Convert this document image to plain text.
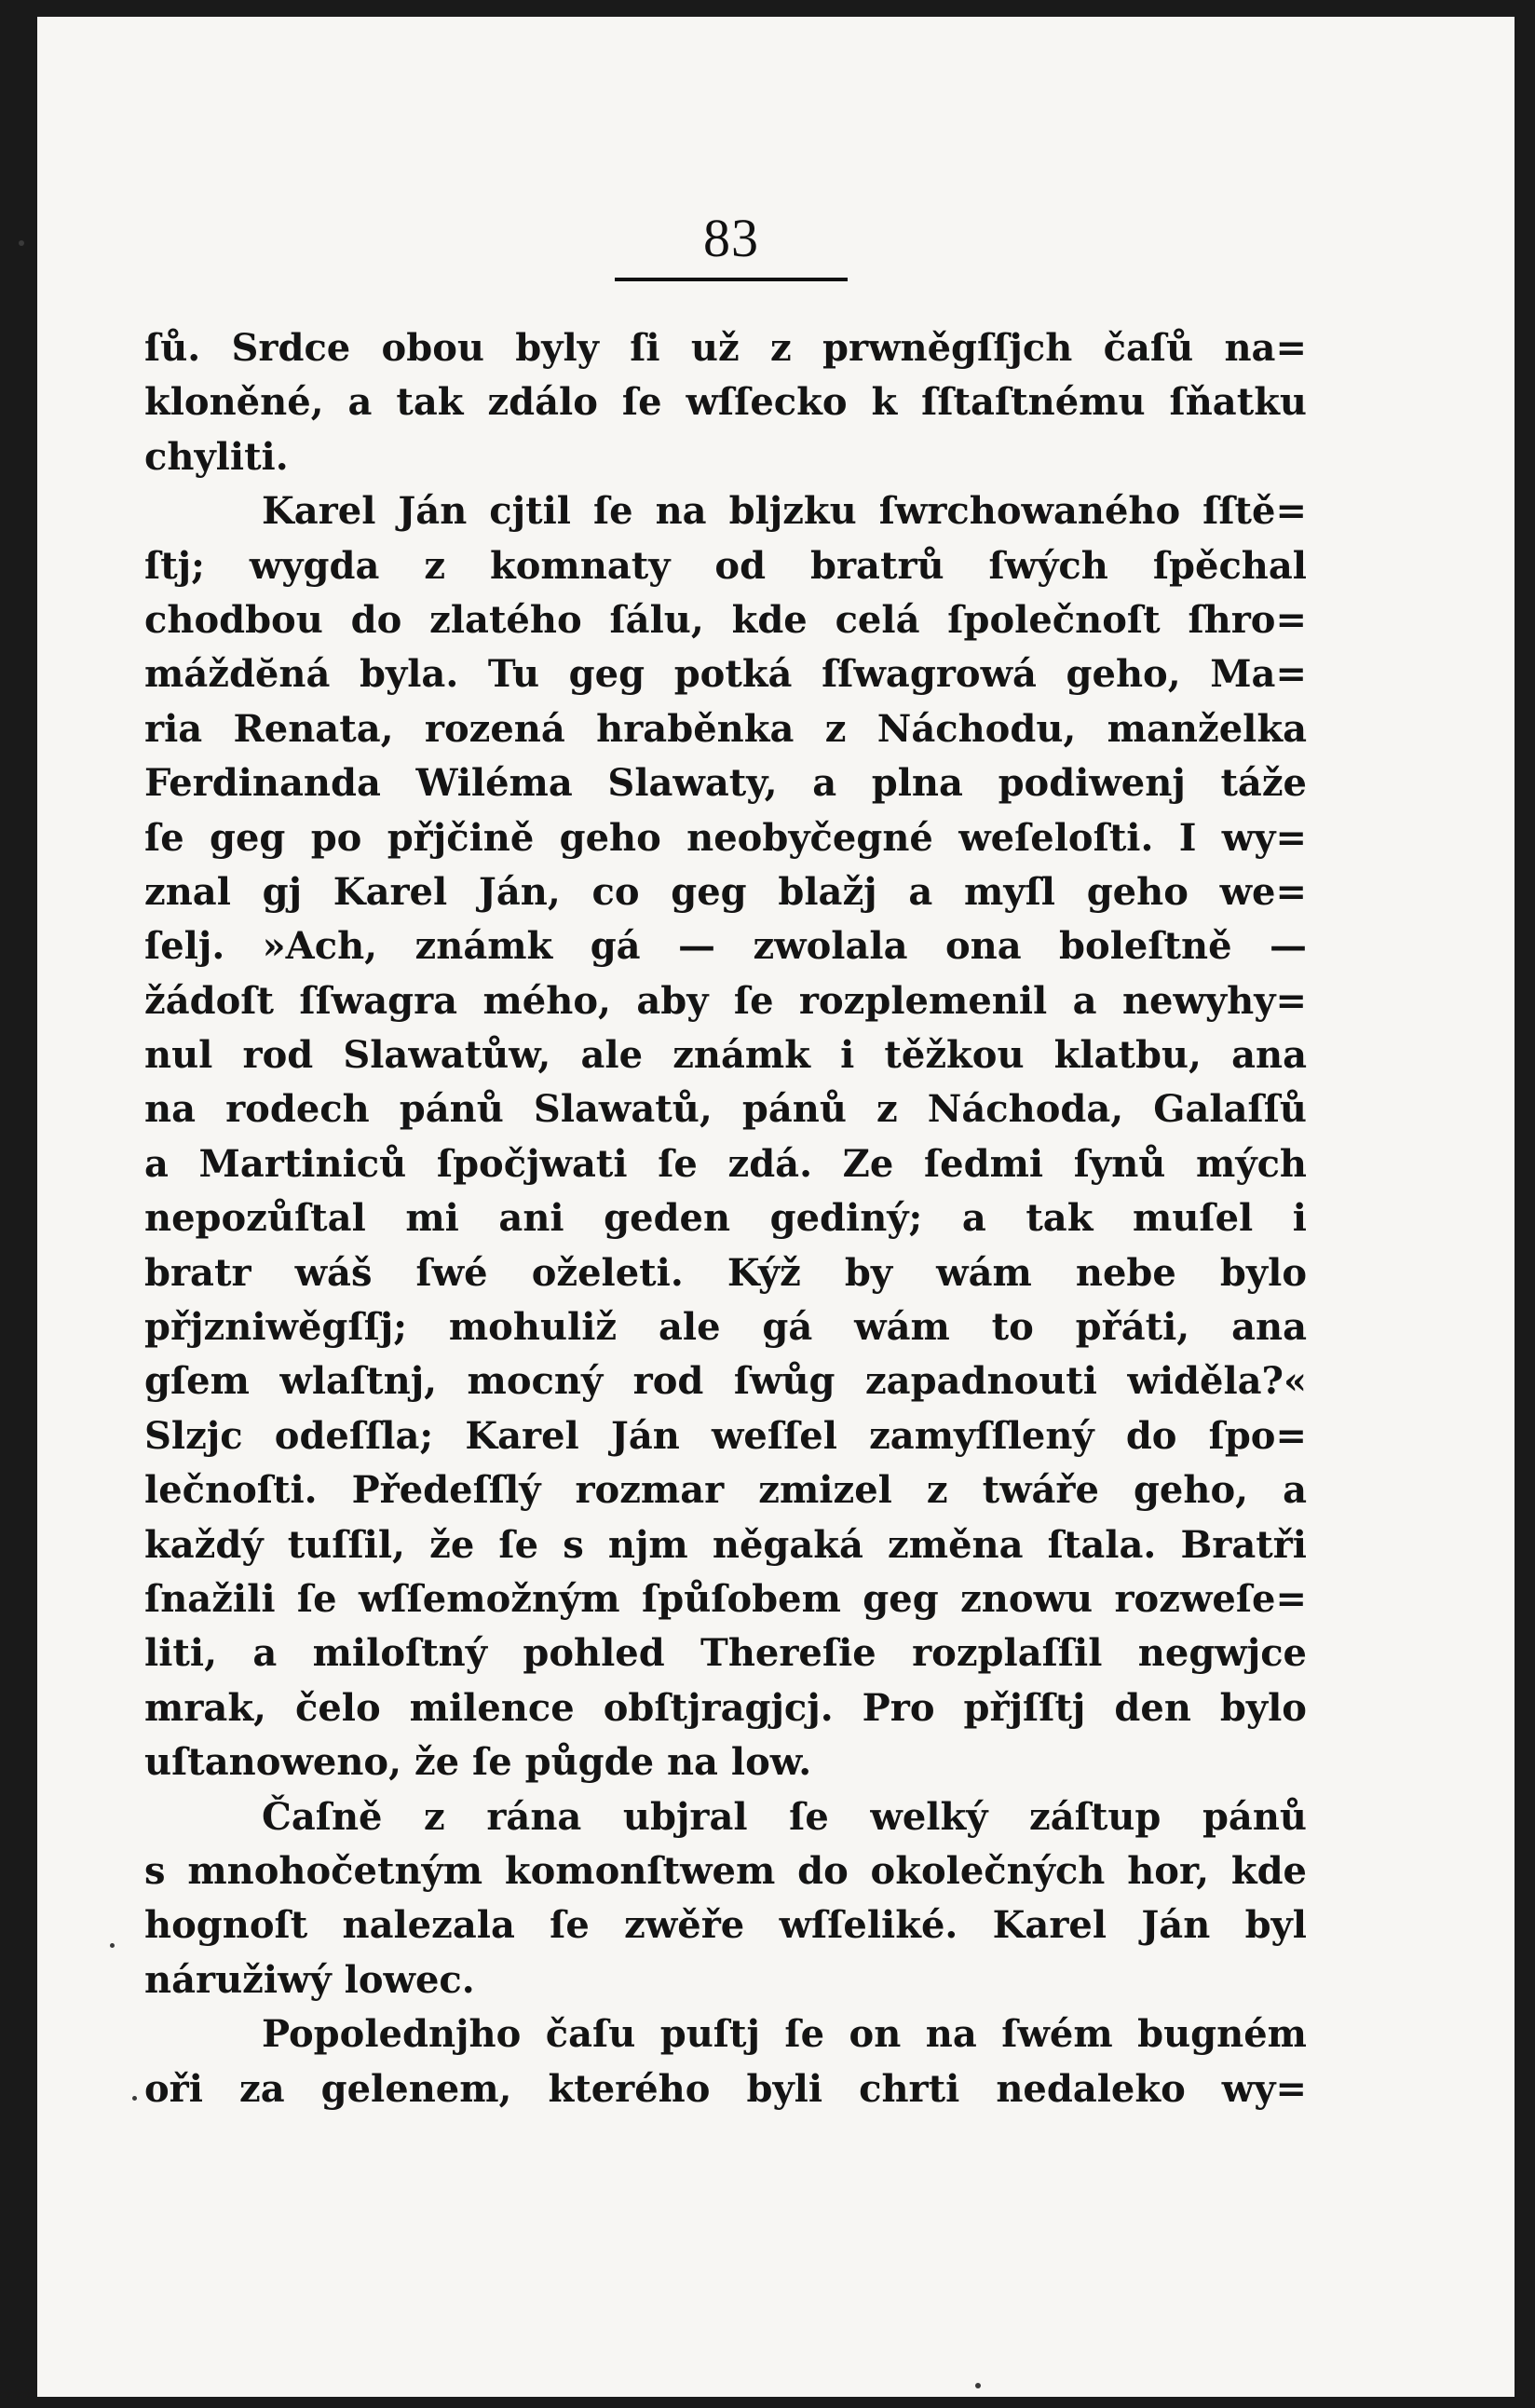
83
ſů. Srdce obou byly ſi už z prwněgſſjch čaſů na=
kloněné, a tak zdálo ſe wſſecko k ſſtaſtnému ſňatku
chyliti.
Karel Ján cjtil ſe na bljzku ſwrchowaného ſſtě=
ſtj; wygda z komnaty od bratrů ſwých ſpěchal
chodbou do zlatého ſálu, kde celá ſpolečnoſt ſhro=
máždĕná byla. Tu geg potká ſſwagrowá geho, Ma=
ria Renata, rozená hraběnka z Náchodu, manželka
Ferdinanda Wiléma Slawaty, a plna podiwenj táže
ſe geg po přjčině geho neobyčegné weſeloſti. I wy=
znal gj Karel Ján, co geg blažj a myſl geho we=
ſelj. »Ach, známk gá — zwolala ona boleſtně —
žádoſt ſſwagra mého, aby ſe rozplemenil a newyhy=
nul rod Slawatůw, ale známk i těžkou klatbu, ana
na rodech pánů Slawatů, pánů z Náchoda, Galaſſů
a Martiniců ſpočjwati ſe zdá. Ze ſedmi ſynů mých
nepozůſtal mi ani geden gediný; a tak muſel i
bratr wáš ſwé oželeti. Kýž by wám nebe bylo
přjzniwěgſſj; mohuliž ale gá wám to přáti, ana
gſem wlaſtnj, mocný rod ſwůg zapadnouti widěla?«
Slzjc odeſſla; Karel Ján weſſel zamyſſlený do ſpo=
lečnoſti. Předeſſlý rozmar zmizel z twáře geho, a
každý tuſſil, že ſe s njm něgaká změna ſtala. Bratři
ſnažili ſe wſſemožným ſpůſobem geg znowu rozweſe=
liti, a miloſtný pohled Thereſie rozplaſſil negwjce
mrak, čelo milence obſtjragjcj. Pro přjſſtj den bylo
uſtanoweno, že ſe půgde na low.
Čaſně z rána ubjral ſe welký záſtup pánů
s mnohočetným komonſtwem do okolečných hor, kde
hognoſt nalezala ſe zwěře wſſeliké. Karel Ján byl
náružiwý lowec.
Popolednjho čaſu puſtj ſe on na ſwém bugném
oři za gelenem, kterého byli chrti nedaleko wy=
